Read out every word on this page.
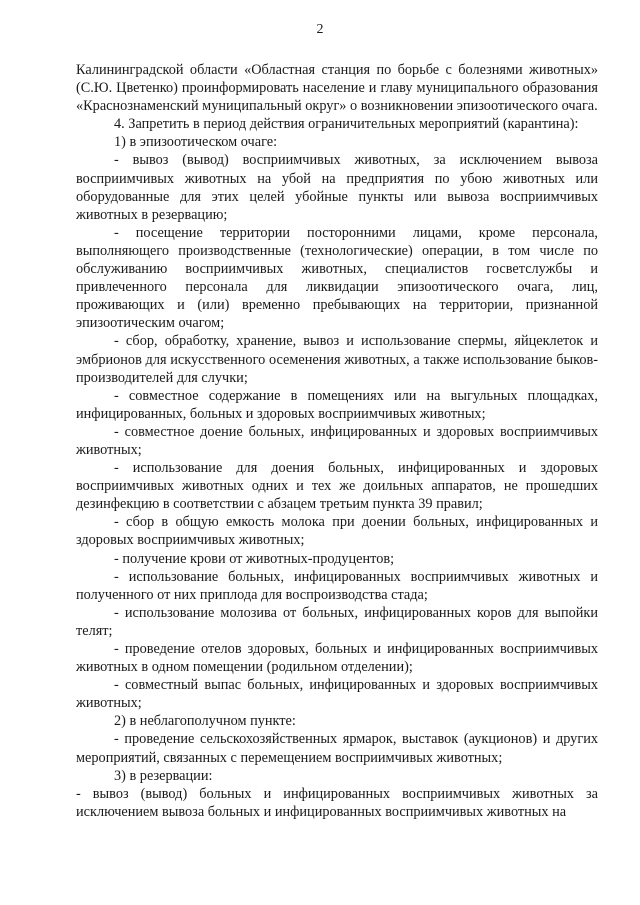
2

Калининградской области «Областная станция по борьбе с болезнями животных» (С.Ю. Цветенко) проинформировать население и главу муниципального образования «Краснознаменский муниципальный округ» о возникновении эпизоотического очага.

4. Запретить в период действия ограничительных мероприятий (карантина):

1) в эпизоотическом очаге:

- вывоз (вывод) восприимчивых животных, за исключением вывоза восприимчивых животных на убой на предприятия по убою животных или оборудованные для этих целей убойные пункты или вывоза восприимчивых животных в резервацию;

- посещение территории посторонними лицами, кроме персонала, выполняющего производственные (технологические) операции, в том числе по обслуживанию восприимчивых животных, специалистов госветслужбы и привлеченного персонала для ликвидации эпизоотического очага, лиц, проживающих и (или) временно пребывающих на территории, признанной эпизоотическим очагом;

- сбор, обработку, хранение, вывоз и использование спермы, яйцеклеток и эмбрионов для искусственного осеменения животных, а также использование быков-производителей для случки;

- совместное содержание в помещениях или на выгульных площадках, инфицированных, больных и здоровых восприимчивых животных;

- совместное доение больных, инфицированных и здоровых восприимчивых животных;

- использование для доения больных, инфицированных и здоровых восприимчивых животных одних и тех же доильных аппаратов, не прошедших дезинфекцию в соответствии с абзацем третьим пункта 39 правил;

- сбор в общую емкость молока при доении больных, инфицированных и здоровых восприимчивых животных;

- получение крови от животных-продуцентов;

- использование больных, инфицированных восприимчивых животных и полученного от них приплода для воспроизводства стада;

- использование молозива от больных, инфицированных коров для выпойки телят;

- проведение отелов здоровых, больных и инфицированных восприимчивых животных в одном помещении (родильном отделении);

- совместный выпас больных, инфицированных и здоровых восприимчивых животных;

2) в неблагополучном пункте:

- проведение сельскохозяйственных ярмарок, выставок (аукционов) и других мероприятий, связанных с перемещением восприимчивых животных;

3) в резервации:

- вывоз (вывод) больных и инфицированных восприимчивых животных за исключением вывоза больных и инфицированных восприимчивых животных на
